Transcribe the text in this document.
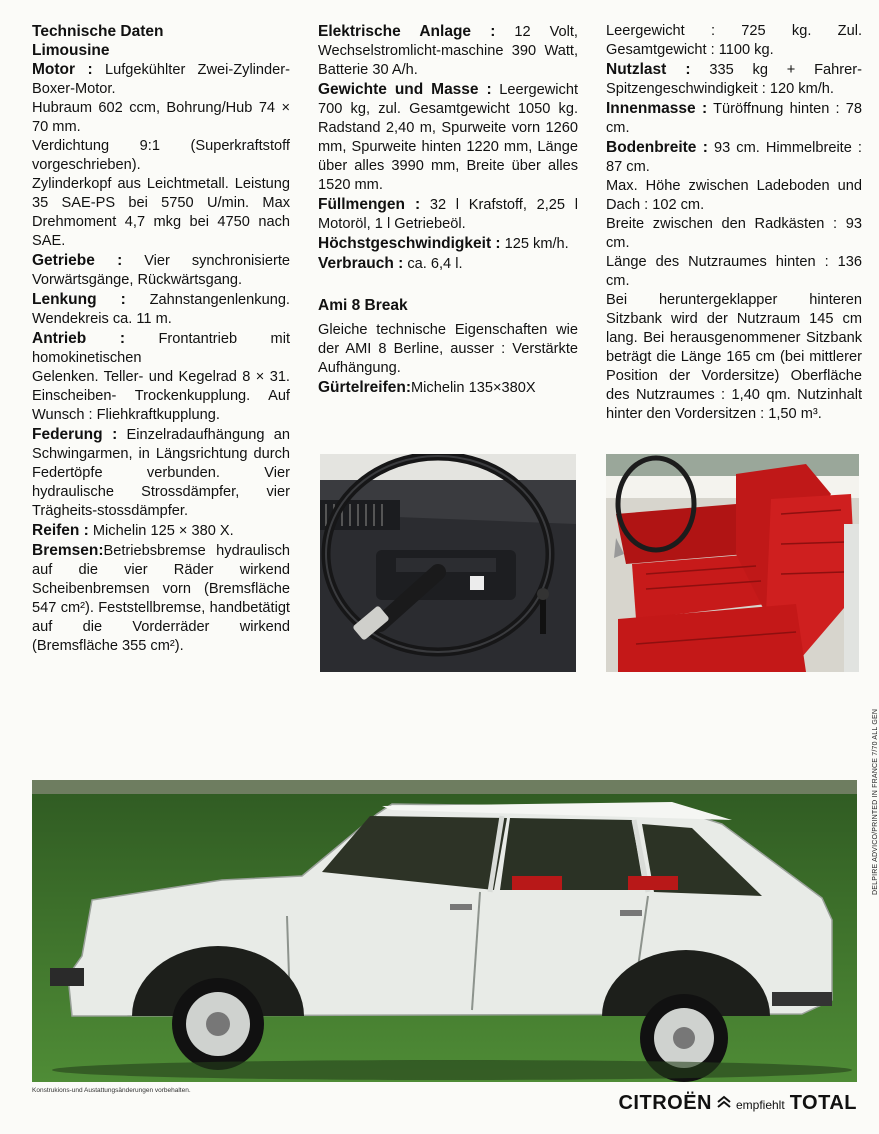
Technische Daten

Limousine

Motor : Lufgekühlter Zwei-Zylinder-Boxer-Motor.

Hubraum 602 ccm, Bohrung/Hub 74 × 70 mm.

Verdichtung 9:1 (Superkraftstoff vorgeschrieben).

Zylinderkopf aus Leichtmetall. Leistung 35 SAE-PS bei 5750 U/min. Max Drehmoment 4,7 mkg bei 4750 nach SAE.

Getriebe : Vier synchronisierte Vorwärtsgänge, Rückwärtsgang.

Lenkung : Zahnstangenlenkung. Wendekreis ca. 11 m.

Antrieb : Frontantrieb mit homokinetischen

Gelenken. Teller- und Kegelrad 8 × 31. Einscheiben- Trockenkupplung. Auf Wunsch : Fliehkraftkupplung.

Federung : Einzelradaufhängung an Schwingarmen, in Längsrichtung durch Federtöpfe verbunden. Vier hydraulische Strossdämpfer, vier Trägheits-stossdämpfer.

Reifen : Michelin 125 × 380 X.

Bremsen:Betriebsbremse hydraulisch auf die vier Räder wirkend Scheibenbremsen vorn (Bremsfläche 547 cm²). Feststellbremse, handbetätigt auf die Vorderräder wirkend (Bremsfläche 355 cm²).

Elektrische Anlage : 12 Volt, Wechselstromlicht-maschine 390 Watt, Batterie 30 A/h.

Gewichte und Masse : Leergewicht 700 kg, zul. Gesamtgewicht 1050 kg. Radstand 2,40 m, Spurweite vorn 1260 mm, Spurweite hinten 1220 mm, Länge über alles 3990 mm, Breite über alles 1520 mm.

Füllmengen : 32 l Krafstoff, 2,25 l Motoröl, 1 l Getriebeöl.

Höchstgeschwindigkeit : 125 km/h.

Verbrauch : ca. 6,4 l.

Ami 8 Break

Gleiche technische Eigenschaften wie der AMI 8 Berline, ausser : Verstärkte Aufhängung.

Gürtelreifen:Michelin 135×380X

Leergewicht : 725 kg. Zul. Gesamtgewicht : 1100 kg.

Nutzlast : 335 kg + Fahrer-Spitzengeschwindigkeit : 120 km/h.

Innenmasse : Türöffnung hinten : 78 cm.

Bodenbreite : 93 cm. Himmelbreite : 87 cm.

Max. Höhe zwischen Ladeboden und Dach : 102 cm.

Breite zwischen den Radkästen : 93 cm.

Länge des Nutzraumes hinten : 136 cm.

Bei heruntergeklapper hinteren Sitzbank wird der Nutzraum 145 cm lang. Bei herausgenommener Sitzbank beträgt die Länge 165 cm (bei mittlerer Position der Vordersitze) Oberfläche des Nutzraumes : 1,40 qm. Nutzinhalt hinter den Vordersitzen : 1,50 m³.

Konstrukions-und Austattungsänderungen vorbehalten.
CITROËN empfiehlt TOTAL
DELPIRE ADVICO/PRINTED IN FRANCE 7/70 ALL GEN
